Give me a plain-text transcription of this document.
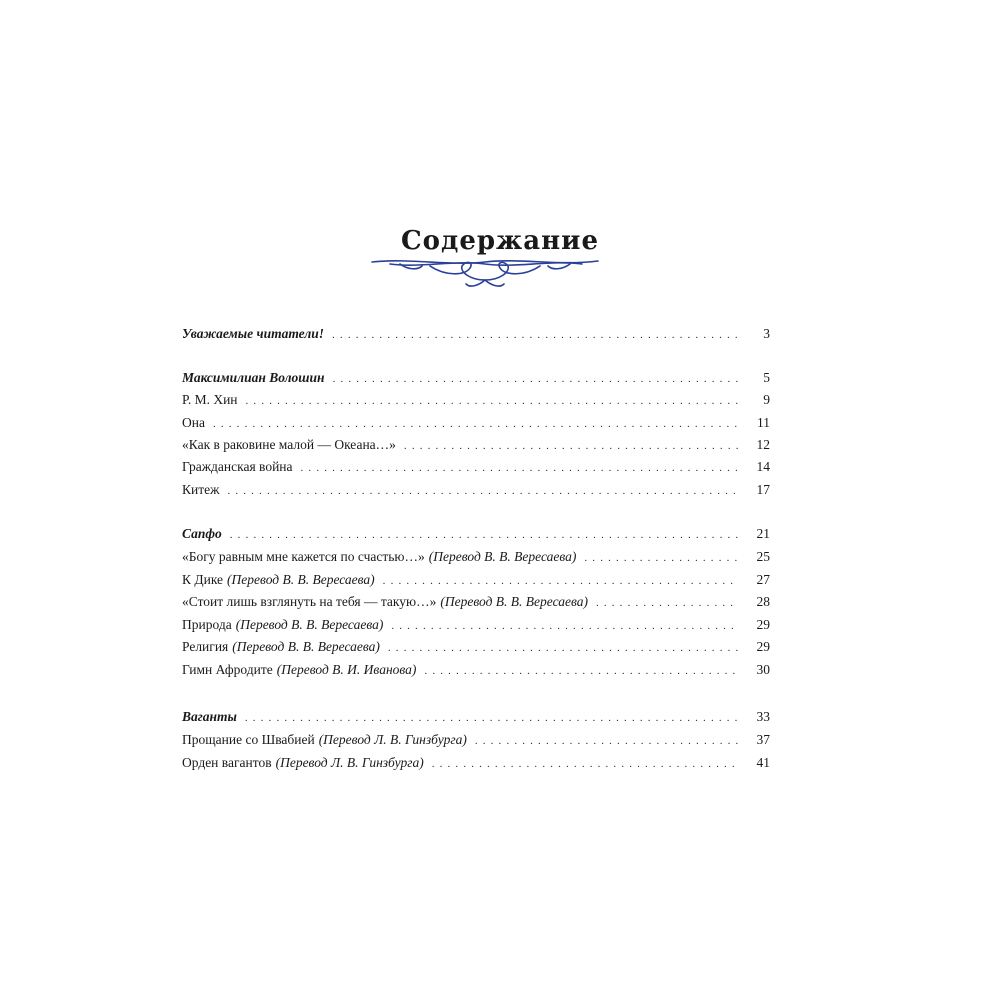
Содержание
Уважаемые читатели! . . .	3
Максимилиан Волошин . . .	5
Р. М. Хин . . .	9
Она . . .	11
«Как в раковине малой — Океана…» . . .	12
Гражданская война . . .	14
Китеж . . .	17
Сапфо . . .	21
«Богу равным мне кажется по счастью…» (Перевод В. В. Вересаева) . . .	25
К Дике (Перевод В. В. Вересаева) . . .	27
«Стоит лишь взглянуть на тебя — такую…» (Перевод В. В. Вересаева) . . .	28
Природа (Перевод В. В. Вересаева) . . .	29
Религия (Перевод В. В. Вересаева) . . .	29
Гимн Афродите (Перевод В. И. Иванова) . . .	30
Ваганты . . .	33
Прощание со Швабией (Перевод Л. В. Гинзбурга) . . .	37
Орден вагантов (Перевод Л. В. Гинзбурга) . . .	41
